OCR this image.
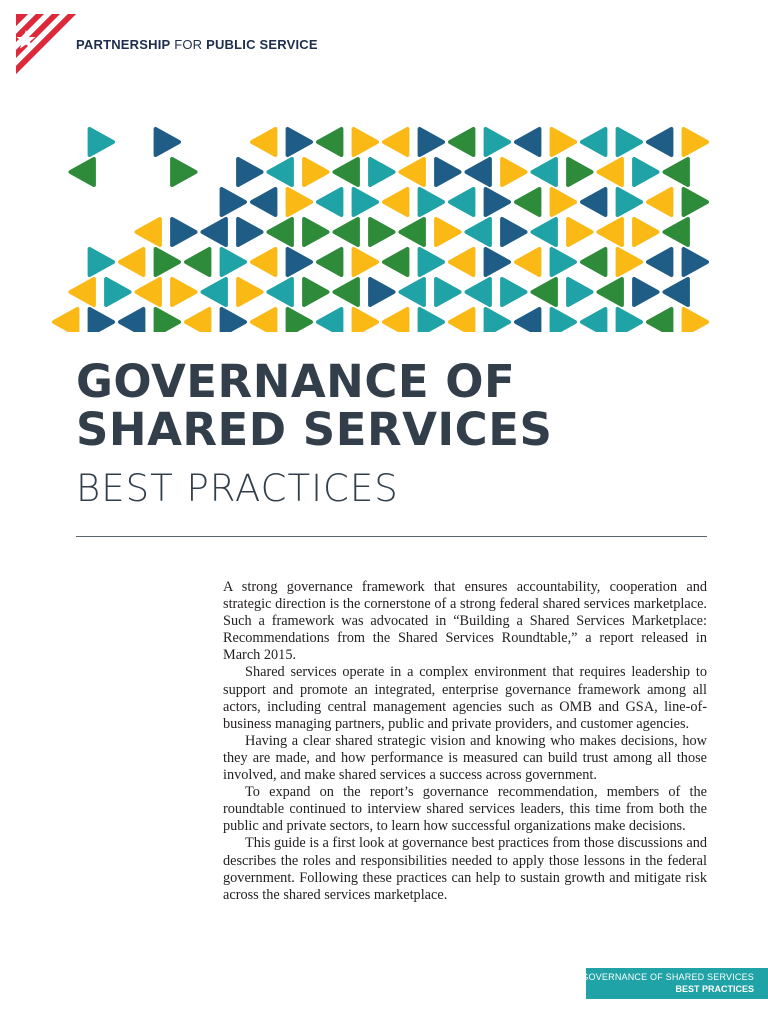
PARTNERSHIP FOR PUBLIC SERVICE
GOVERNANCE OF
SHARED SERVICES
BEST PRACTICES

A strong governance framework that ensures accountability, cooperation and strategic direction is the cornerstone of a strong federal shared services marketplace. Such a framework was advocated in “Building a Shared Services Marketplace: Recommendations from the Shared Services Roundtable,” a report released in March 2015.

Shared services operate in a complex environment that requires leadership to support and promote an integrated, enterprise governance framework among all actors, including central management agencies such as OMB and GSA, line-of-business managing partners, public and private providers, and customer agencies.

Having a clear shared strategic vision and knowing who makes decisions, how they are made, and how performance is measured can build trust among all those involved, and make shared services a success across government.

To expand on the report’s governance recommendation, members of the roundtable continued to interview shared services leaders, this time from both the public and private sectors, to learn how successful organizations make decisions.

This guide is a first look at governance best practices from those discussions and describes the roles and responsibilities needed to apply those lessons in the federal government. Following these practices can help to sustain growth and mitigate risk across the shared services marketplace.

GOVERNANCE OF SHARED SERVICES
BEST PRACTICES
